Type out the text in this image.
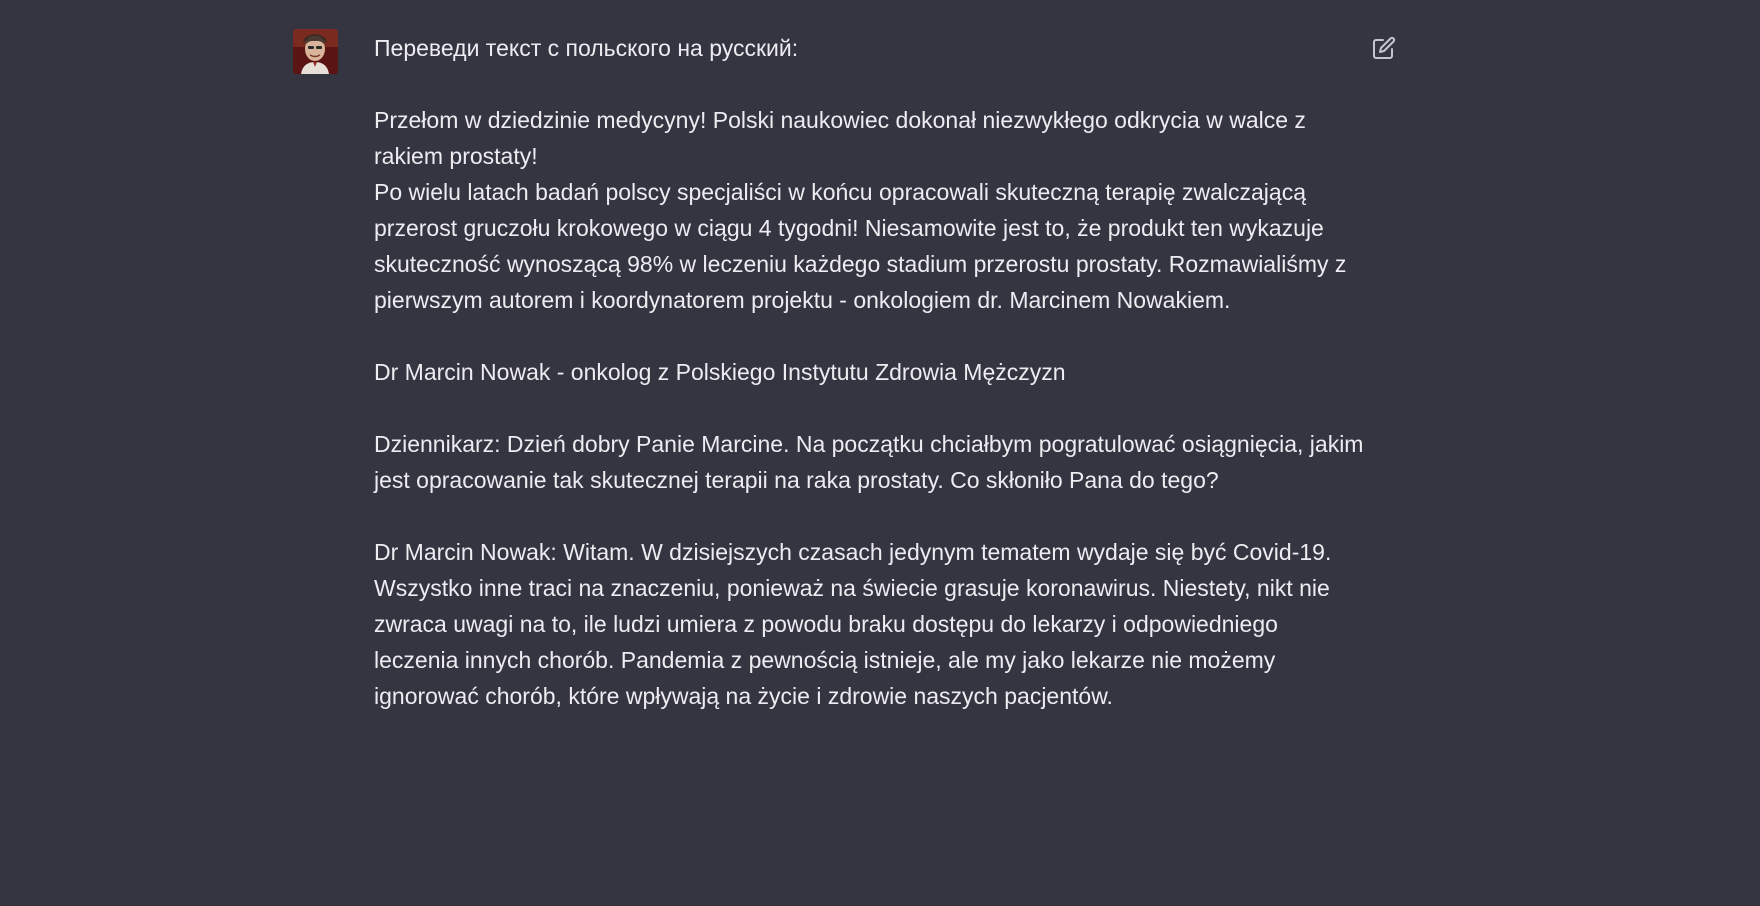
Переведи текст с польского на русский:

Przełom w dziedzinie medycyny! Polski naukowiec dokonał niezwykłego odkrycia w walce z rakiem prostaty!
Po wielu latach badań polscy specjaliści w końcu opracowali skuteczną terapię zwalczającą przerost gruczołu krokowego w ciągu 4 tygodni! Niesamowite jest to, że produkt ten wykazuje skuteczność wynoszącą 98% w leczeniu każdego stadium przerostu prostaty. Rozmawialiśmy z pierwszym autorem i koordynatorem projektu - onkologiem dr. Marcinem Nowakiem.

Dr Marcin Nowak - onkolog z Polskiego Instytutu Zdrowia Mężczyzn

Dziennikarz: Dzień dobry Panie Marcine. Na początku chciałbym pogratulować osiągnięcia, jakim jest opracowanie tak skutecznej terapii na raka prostaty. Co skłoniło Pana do tego?

Dr Marcin Nowak: Witam. W dzisiejszych czasach jedynym tematem wydaje się być Covid-19. Wszystko inne traci na znaczeniu, ponieważ na świecie grasuje koronawirus. Niestety, nikt nie zwraca uwagi na to, ile ludzi umiera z powodu braku dostępu do lekarzy i odpowiedniego leczenia innych chorób. Pandemia z pewnością istnieje, ale my jako lekarze nie możemy ignorować chorób, które wpływają na życie i zdrowie naszych pacjentów.
